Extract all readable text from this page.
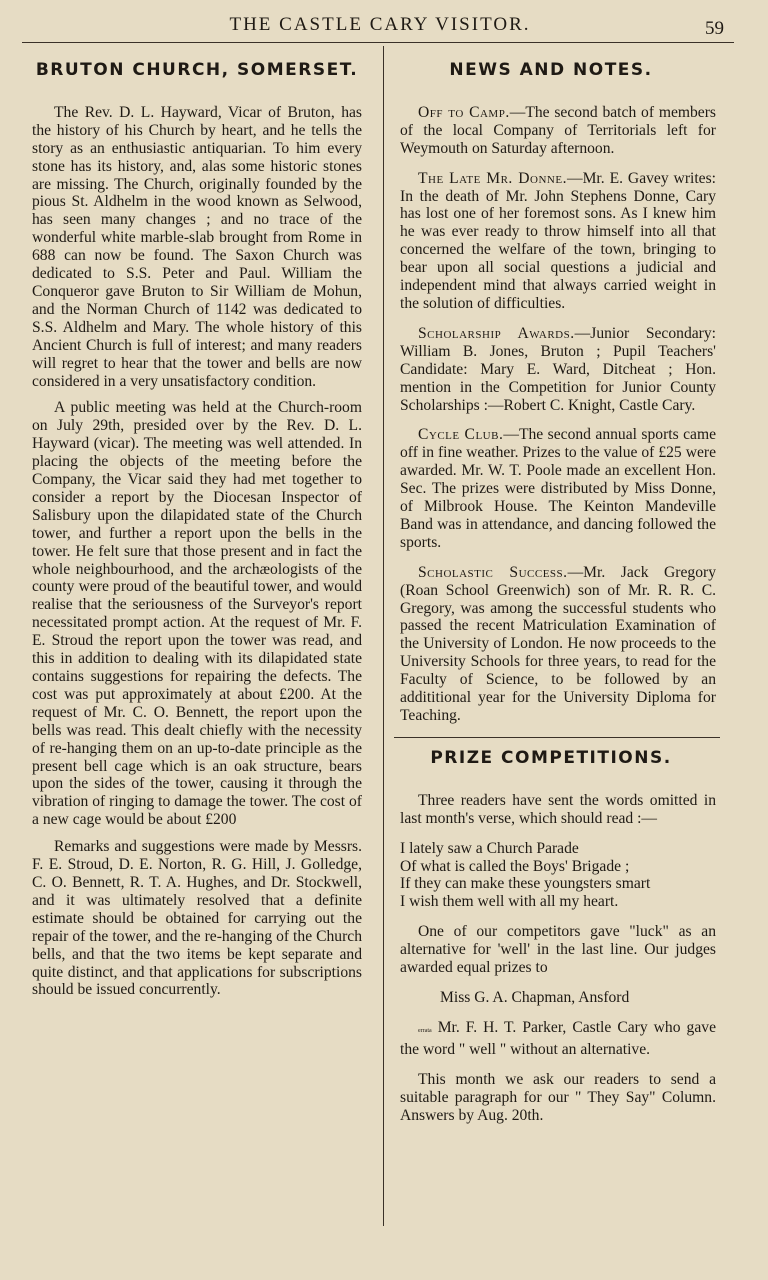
THE CASTLE CARY VISITOR.	59
BRUTON CHURCH, SOMERSET.

The Rev. D. L. Hayward, Vicar of Bruton, has the history of his Church by heart, and he tells the story as an enthusiastic antiquarian. To him every stone has its history, and, alas some historic stones are missing. The Church, originally founded by the pious St. Aldhelm in the wood known as Selwood, has seen many changes ; and no trace of the wonderful white marble-slab brought from Rome in 688 can now be found. The Saxon Church was dedicated to S.S. Peter and Paul. William the Conqueror gave Bruton to Sir William de Mohun, and the Norman Church of 1142 was dedicated to S.S. Aldhelm and Mary. The whole history of this Ancient Church is full of interest; and many readers will regret to hear that the tower and bells are now considered in a very unsatisfactory condition.

A public meeting was held at the Church-room on July 29th, presided over by the Rev. D. L. Hayward (vicar). The meeting was well attended. In placing the objects of the meeting before the Company, the Vicar said they had met together to consider a report by the Diocesan Inspector of Salisbury upon the dilapidated state of the Church tower, and further a report upon the bells in the tower. He felt sure that those present and in fact the whole neighbourhood, and the archæologists of the county were proud of the beautiful tower, and would realise that the seriousness of the Surveyor's report necessitated prompt action. At the request of Mr. F. E. Stroud the report upon the tower was read, and this in addition to dealing with its dilapidated state contains suggestions for repairing the defects. The cost was put approximately at about £200. At the request of Mr. C. O. Bennett, the report upon the bells was read. This dealt chiefly with the necessity of re-hanging them on an up-to-date principle as the present bell cage which is an oak structure, bears upon the sides of the tower, causing it through the vibration of ringing to damage the tower. The cost of a new cage would be about £200

Remarks and suggestions were made by Messrs. F. E. Stroud, D. E. Norton, R. G. Hill, J. Golledge, C. O. Bennett, R. T. A. Hughes, and Dr. Stockwell, and it was ultimately resolved that a definite estimate should be obtained for carrying out the repair of the tower, and the re-hanging of the Church bells, and that the two items be kept separate and quite distinct, and that applications for subscriptions should be issued concurrently.

NEWS AND NOTES.

Off to Camp.—The second batch of members of the local Company of Territorials left for Weymouth on Saturday afternoon.

The Late Mr. Donne.—Mr. E. Gavey writes: In the death of Mr. John Stephens Donne, Cary has lost one of her foremost sons. As I knew him he was ever ready to throw himself into all that concerned the welfare of the town, bringing to bear upon all social questions a judicial and independent mind that always carried weight in the solution of difficulties.

Scholarship Awards.—Junior Secondary: William B. Jones, Bruton ; Pupil Teachers' Candidate: Mary E. Ward, Ditcheat ; Hon. mention in the Competition for Junior County Scholarships :—Robert C. Knight, Castle Cary.

Cycle Club.—The second annual sports came off in fine weather. Prizes to the value of £25 were awarded. Mr. W. T. Poole made an excellent Hon. Sec. The prizes were distributed by Miss Donne, of Milbrook House. The Keinton Mandeville Band was in attendance, and dancing followed the sports.

Scholastic Success.—Mr. Jack Gregory (Roan School Greenwich) son of Mr. R. R. C. Gregory, was among the successful students who passed the recent Matriculation Examination of the University of London. He now proceeds to the University Schools for three years, to read for the Faculty of Science, to be followed by an addititional year for the University Diploma for Teaching.

PRIZE COMPETITIONS.

Three readers have sent the words omitted in last month's verse, which should read :—

I lately saw a Church Parade
Of what is called the Boys' Brigade ;
If they can make these youngsters smart
I wish them well with all my heart.

One of our competitors gave "luck" as an alternative for 'well' in the last line. Our judges awarded equal prizes to

Miss G. A. Chapman, Ansford

errata Mr. F. H. T. Parker, Castle Cary who gave the word " well " without an alternative.

This month we ask our readers to send a suitable paragraph for our " They Say" Column. Answers by Aug. 20th.
